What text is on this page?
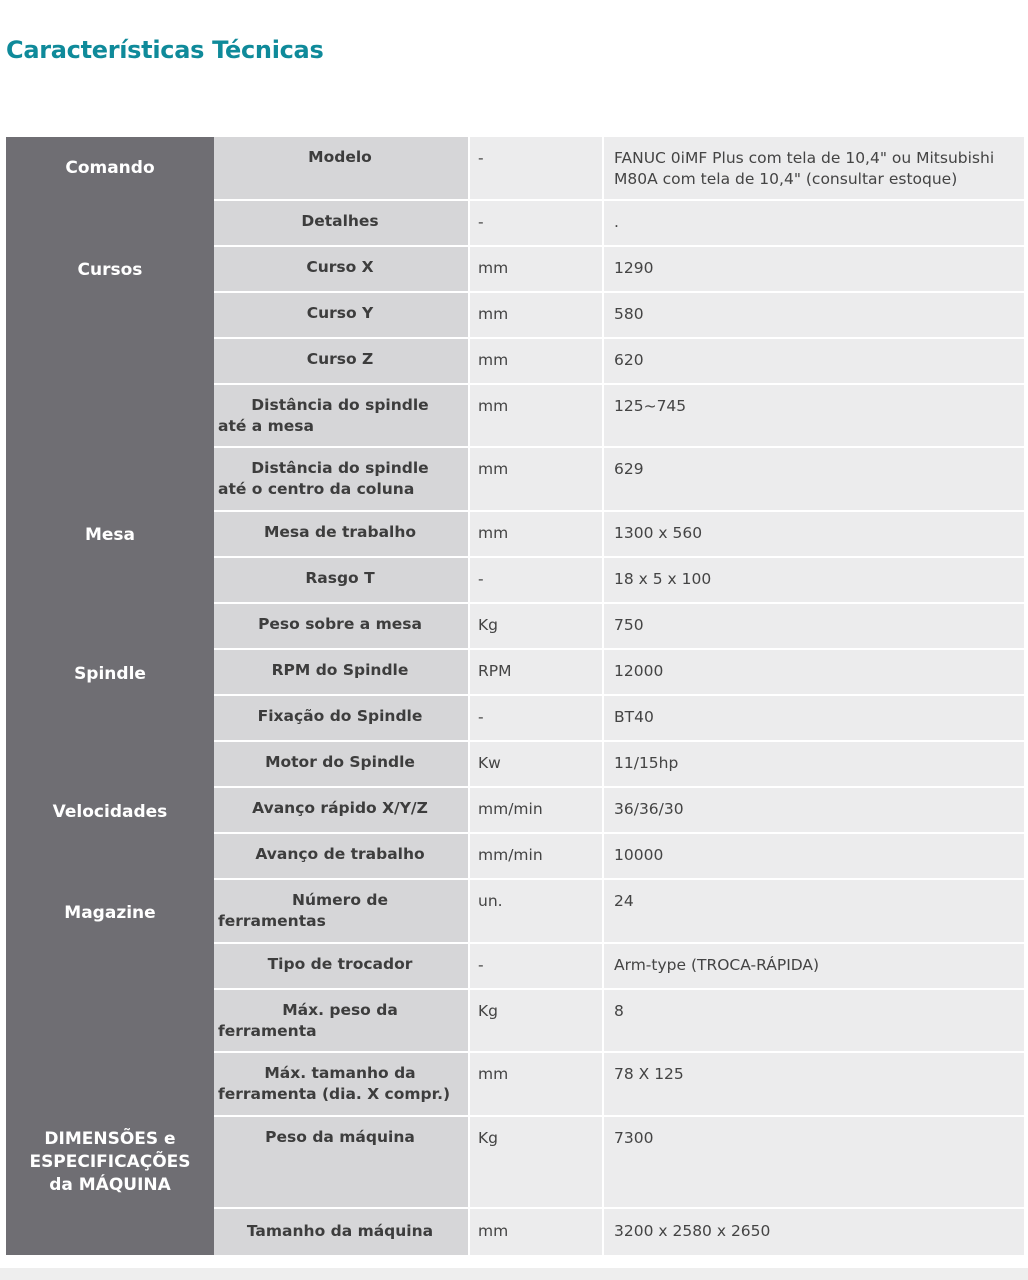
Características Técnicas
Comando
Cursos
Mesa
Spindle
Velocidades
Magazine
DIMENSÕES e ESPECIFICAÇÕES da MÁQUINA
Modelo	-	FANUC 0iMF Plus com tela de 10,4" ou Mitsubishi M80A com tela de 10,4" (consultar estoque)
Detalhes	-	.
Curso X	mm	1290
Curso Y	mm	580
Curso Z	mm	620
Distância do spindle
até a mesa
mm	125~745
Distância do spindle
até o centro da coluna
mm	629
Mesa de trabalho	mm	1300 x 560
Rasgo T	-	18 x 5 x 100
Peso sobre a mesa	Kg	750
RPM do Spindle	RPM	12000
Fixação do Spindle	-	BT40
Motor do Spindle	Kw	11/15hp
Avanço rápido X/Y/Z	mm/min	36/36/30
Avanço de trabalho	mm/min	10000
Número de
ferramentas
un.	24
Tipo de trocador	-	Arm-type (TROCA-RÁPIDA)
Máx. peso da
ferramenta
Kg	8
Máx. tamanho da
ferramenta (dia. X compr.)
mm	78 X 125
Peso da máquina	Kg	7300
Tamanho da máquina	mm	3200 x 2580 x 2650
